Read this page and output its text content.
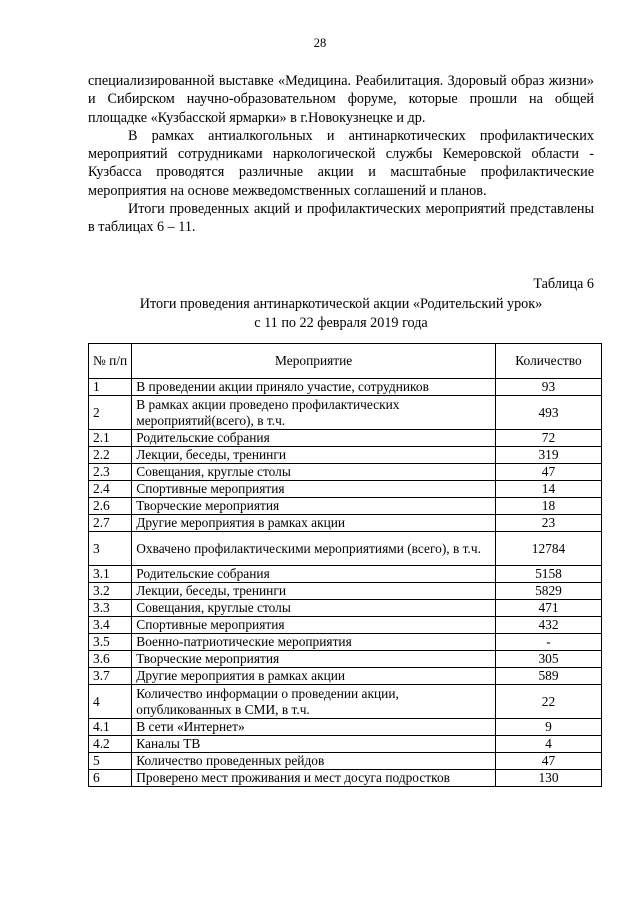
28

специализированной выставке «Медицина. Реабилитация. Здоровый образ жизни» и Сибирском научно-образовательном форуме, которые прошли на общей площадке «Кузбасской ярмарки» в г.Новокузнецке и др.

В рамках антиалкогольных и антинаркотических профилактических мероприятий сотрудниками наркологической службы Кемеровской области - Кузбасса проводятся различные акции и масштабные профилактические мероприятия на основе межведомственных соглашений и планов.

Итоги проведенных акций и профилактических мероприятий представлены в таблицах 6 – 11.

Таблица 6
Итоги проведения антинаркотической акции «Родительский урок»
с 11 по 22 февраля 2019 года
№ п/п	Мероприятие	Количество
1	В проведении акции приняло участие, сотрудников	93
2	В рамках акции проведено профилактических мероприятий(всего), в т.ч.	493
2.1	Родительские собрания	72
2.2	Лекции, беседы, тренинги	319
2.3	Совещания, круглые столы	47
2.4	Спортивные мероприятия	14
2.6	Творческие мероприятия	18
2.7	Другие мероприятия в рамках акции	23
3	Охвачено профилактическими мероприятиями (всего), в т.ч.	12784
3.1	Родительские собрания	5158
3.2	Лекции, беседы, тренинги	5829
3.3	Совещания, круглые столы	471
3.4	Спортивные мероприятия	432
3.5	Военно-патриотические мероприятия	-
3.6	Творческие мероприятия	305
3.7	Другие мероприятия в рамках акции	589
4	Количество информации о проведении акции, опубликованных в СМИ, в т.ч.	22
4.1	В сети «Интернет»	9
4.2	Каналы ТВ	4
5	Количество проведенных рейдов	47
6	Проверено мест проживания и мест досуга подростков	130
